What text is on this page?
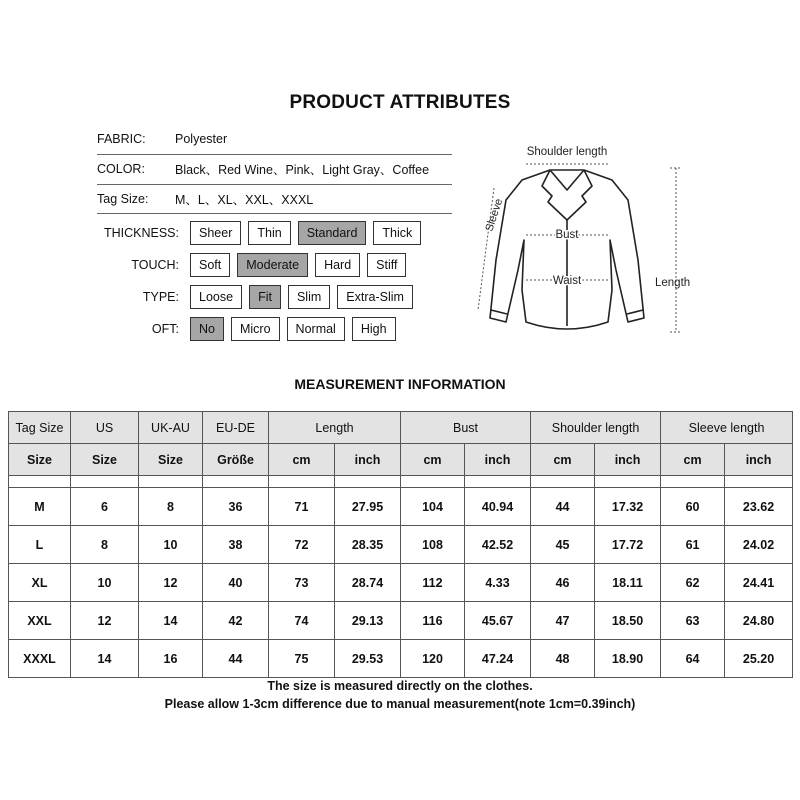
PRODUCT ATTRIBUTES
FABRIC:	Polyester
COLOR:	Black、Red Wine、Pink、Light Gray、Coffee
Tag Size:	M、L、XL、XXL、XXXL
THICKNESS:	Sheer	Thin	Standard	Thick
TOUCH:	Soft	Moderate	Hard	Stiff
TYPE:	Loose	Fit	Slim	Extra-Slim
OFT:	No	Micro	Normal	High
Shoulder length
Sleeve
Bust
Waist	Length
MEASUREMENT INFORMATION
Tag Size	US	UK-AU	EU-DE	Length		Bust		Shoulder length		Sleeve length	
Size	Size	Size	Größe	cm	inch	cm	inch	cm	inch	cm	inch

M	6	8	36	71	27.95	104	40.94	44	17.32	60	23.62
L	8	10	38	72	28.35	108	42.52	45	17.72	61	24.02
XL	10	12	40	73	28.74	112	4.33	46	18.11	62	24.41
XXL	12	14	42	74	29.13	116	45.67	47	18.50	63	24.80
XXXL	14	16	44	75	29.53	120	47.24	48	18.90	64	25.20
The size is measured directly on the clothes.
Please allow 1-3cm difference due to manual measurement(note 1cm=0.39inch)
